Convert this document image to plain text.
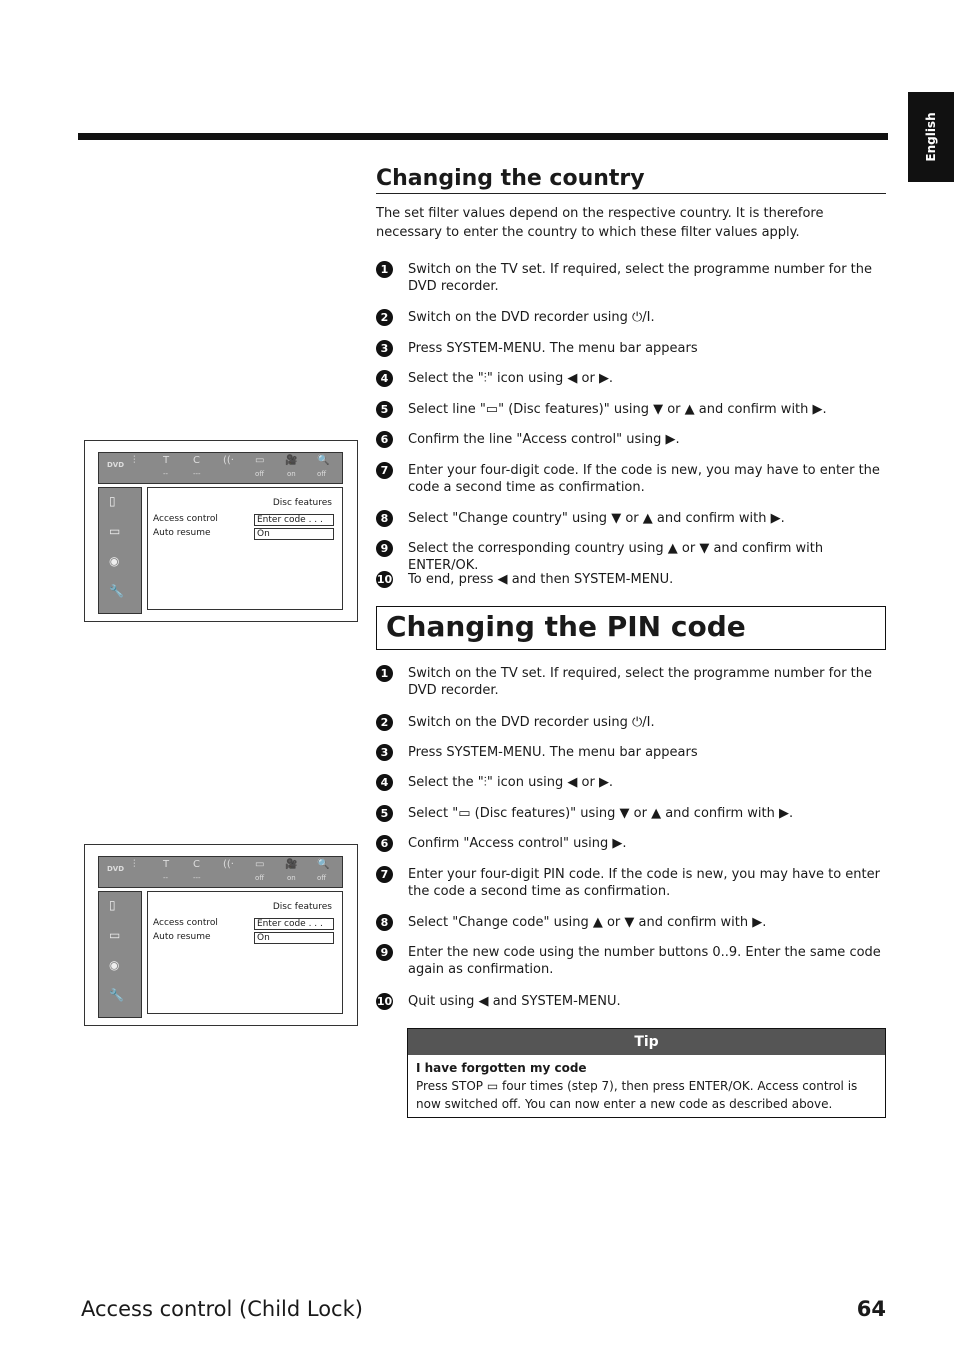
English
Changing the country

The set filter values depend on the respective country. It is therefore necessary to enter the country to which these filter values apply.

1	Switch on the TV set. If required, select the programme number for the DVD recorder.
2	Switch on the DVD recorder using ⏻/I.
3	Press SYSTEM-MENU. The menu bar appears
4	Select the "⫶" icon using ◀ or ▶.
5	Select line "▭" (Disc features)" using ▼ or ▲ and confirm with ▶.
6	Confirm the line "Access control" using ▶.
7	Enter your four-digit code. If the code is new, you may have to enter the code a second time as confirmation.
8	Select "Change country" using ▼ or ▲ and confirm with ▶.
9	Select the corresponding country using ▲ or ▼ and confirm with ENTER/OK.
10 To end, press ◀ and then SYSTEM-MENU.
Changing the PIN code
1	Switch on the TV set. If required, select the programme number for the DVD recorder.
2	Switch on the DVD recorder using ⏻/I.
3	Press SYSTEM-MENU. The menu bar appears
4	Select the "⫶" icon using ◀ or ▶.
5	Select "▭ (Disc features)" using ▼ or ▲ and confirm with ▶.
6	Confirm "Access control" using ▶.
7	Enter your four-digit PIN code. If the code is new, you may have to enter the code a second time as confirmation.
8	Select "Change code" using ▲ or ▼ and confirm with ▶.
9	Enter the new code using the number buttons 0..9. Enter the same code again as confirmation.
10 Quit using ◀ and SYSTEM-MENU.
Tip
I have forgotten my code
Press STOP ▭ four times (step 7), then press ENTER/OK. Access control is now switched off. You can now enter a new code as described above.
⫶	T C ((· ▭ 🎥 🔍
DVD
--	---	off	on	off
▯
▭
◉
🔧
Disc features
Access control	Enter code . . .
Auto resume	On
⫶	T C ((· ▭ 🎥 🔍
DVD
--	---	off	on	off
▯
▭
◉
🔧
Disc features
Access control	Enter code . . .
Auto resume	On
Access control (Child Lock)	64
